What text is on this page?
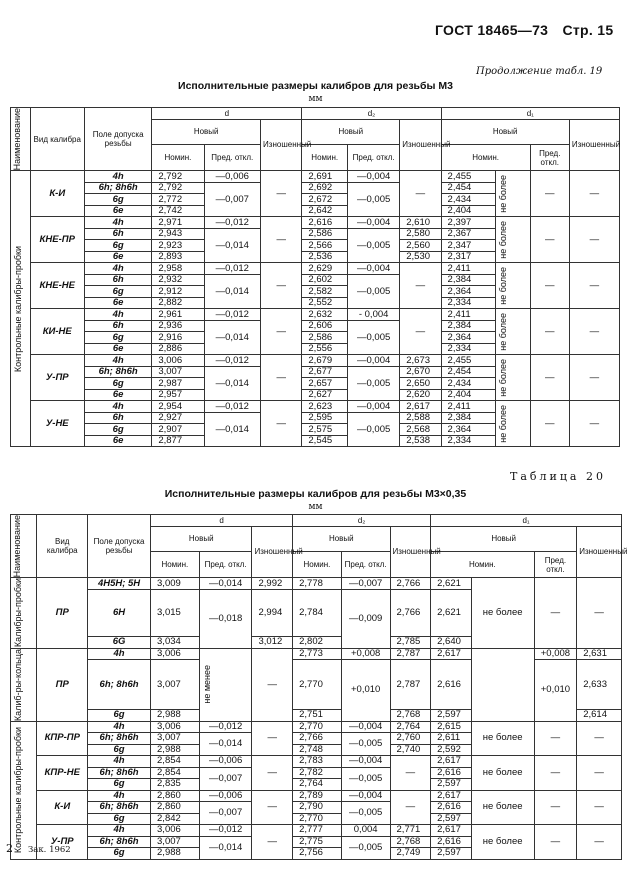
ГОСТ 18465—73 Стр. 15
Продолжение табл. 19
Исполнительные размеры калибров для резьбы М3
мм
Наименование	Вид калибра	Поле допуска резьбы	d			d₂			d₁			
			Новый		Изношенный	Новый		Изношенный	Новый			Изношенный
			Номин.	Пред. откл.		Номин.	Пред. откл.		Номин.		Пред. откл.	

Контрольные калибры-пробки	К-И	4h	2,792	—0,006	—	2,691	—0,004	—	2,455	не более	—	—
		6h; 8h6h	2,792	—0,007		2,692	—0,005		2,454			
		6g	2,772			2,672			2,434			
		6e	2,742			2,642			2,404			
	КНЕ-ПР	4h	2,971	—0,012	—	2,616	—0,004	2,610	2,397	не более	—	—
		6h	2,943	—0,014		2,586	—0,005	2,580	2,367			
		6g	2,923			2,566		2,560	2,347			
		6e	2,893			2,536		2,530	2,317			
	КНЕ-НЕ	4h	2,958	—0,012	—	2,629	—0,004	—	2,411	не более	—	—
		6h	2,932	—0,014		2,602	—0,005		2,384			
		6g	2,912			2,582			2,364			
		6e	2,882			2,552			2,334			
	КИ-НЕ	4h	2,961	—0,012	—	2,632	- 0,004	—	2,411	не более	—	—
		6h	2,936	—0,014		2,606	—0,005		2,384			
		6g	2,916			2,586			2,364			
		6e	2,886			2,556			2,334			
	У-ПР	4h	3,006	—0,012	—	2,679	—0,004	2,673	2,455	не более	—	—
		6h; 8h6h	3,007	—0,014		2,677	—0,005	2,670	2,454			
		6g	2,987			2,657		2,650	2,434			
		6e	2,957			2,627		2,620	2,404			
	У-НЕ	4h	2,954	—0,012	—	2,623	—0,004	2,617	2,411	не более	—	—
		6h	2,927	—0,014		2,595	—0,005	2,588	2,384			
		6g	2,907			2,575		2,568	2,364			
		6e	2,877			2,545		2,538	2,334			
Таблица 20
Исполнительные размеры калибров для резьбы М3×0,35
мм
Наименование	Вид калибра	Поле допуска резьбы	d			d₂			d₁			
			Новый		Изношенный	Новый		Изношенный	Новый			Изношенный
			Номин.	Пред. откл.		Номин.	Пред. откл.		Номин.		Пред. откл.	

Калибры-пробки	ПР	4H5H; 5H	3,009	—0,014	2,992	2,778	—0,007	2,766	2,621	не более	—	—
		6H	3,015	—0,018	2,994	2,784	—0,009	2,766	2,621			
		6G	3,034		3,012	2,802		2,785	2,640			

Калиб-ры-кольца	ПР	4h	3,006	не менее	—	2,773	+0,008	2,787	2,617		+0,008	2,631
		6h; 8h6h	3,007			2,770	+0,010	2,787	2,616		+0,010	2,633
		6g	2,988			2,751		2,768	2,597			2,614

Контрольные калибры-пробки	КПР-ПР	4h	3,006	—0,012	—	2,770	—0,004	2,764	2,615	не более	—	—
		6h; 8h6h	3,007	—0,014		2,766	—0,005	2,760	2,611			
		6g	2,988			2,748		2,740	2,592			
	КПР-НЕ	4h	2,854	—0,006	—	2,783	—0,004	—	2,617	не более	—	—
		6h; 8h6h	2,854	—0,007		2,782	—0,005		2,616			
		6g	2,835			2,764			2,597			
	К-И	4h	2,860	—0,006	—	2,789	—0,004	—	2,617	не более	—	—
		6h; 8h6h	2,860	—0,007		2,790	—0,005		2,616			
		6g	2,842			2,770			2,597			
	У-ПР	4h	3,006	—0,012	—	2,777	0,004	2,771	2,617	не более	—	—
		6h; 8h6h	3,007	—0,014		2,775	—0,005	2,768	2,616			
		6g	2,988			2,756		2,749	2,597			
2 Зак. 1962
